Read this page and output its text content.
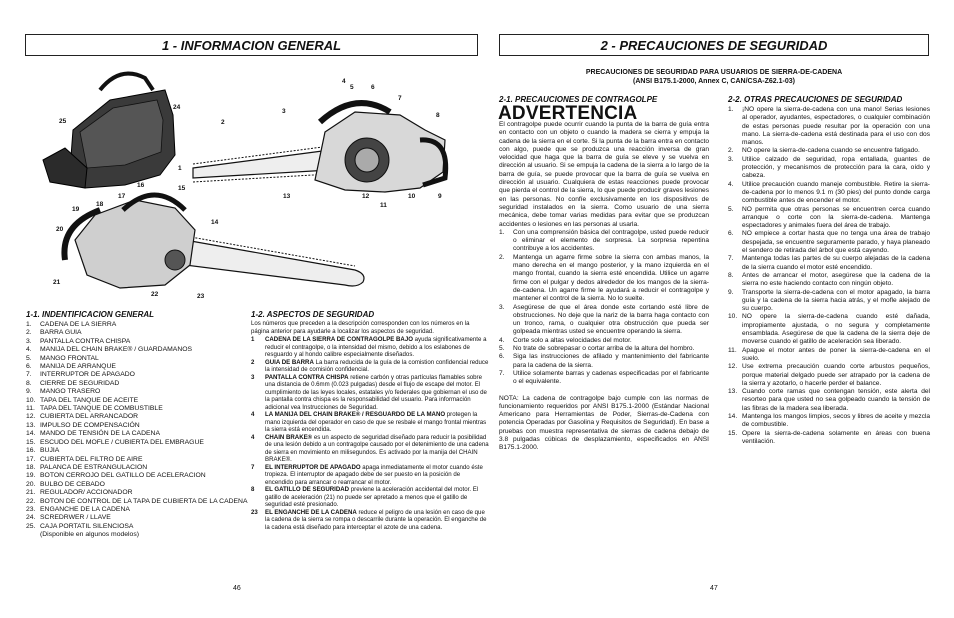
1 - INFORMACION GENERAL
25
24
1
2
3
4
5	6
7
8
9
10
11
12
13
14
15
16
17
18
19
20
21
22	23
1-1. INDENTIFICACION GENERAL
1.	CADENA DE LA SIERRA
2.	BARRA GUIA
3.	PANTALLA CONTRA CHISPA
4.	MANIJA DEL CHAIN BRAKE® / GUARDAMANOS
5.	MANGO FRONTAL
6.	MANIJA DE ARRANQUE
7.	INTERRUPTOR DE APAGADO
8.	CIERRE DE SEGURIDAD
9.	MANGO TRASERO
10. TAPA DEL TANQUE DE ACEITE
11. TAPA DEL TANQUE DE COMBUSTIBLE
12. CUBIERTA DEL ARRANCADOR
13. IMPULSO DE COMPENSACIÓN
14. MANDO DE TENSIÓN DE LA CADENA
15. ESCUDO DEL MOFLE / CUBIERTA DEL EMBRAGUE
16. BUJIA
17. CUBIERTA DEL FILTRO DE AIRE
18. PALANCA DE ESTRANGULACION
19. BOTON CERROJO DEL GATILLO DE ACELERACION
20. BULBO DE CEBADO
21. REGULADOR/ ACCIONADOR
22. BOTON DE CONTROL DE LA TAPA DE CUBIERTA DE LA CADENA
23. ENGANCHE DE LA CADENA
24. SCREDRWER / LLAVE
25. CAJA PORTATIL SILENCIOSA
(Disponible en algunos modelos)
1-2. ASPECTOS DE SEGURIDAD

Los números que preceden a la descripción corresponden con los números en la página anterior para ayudarle a localizar los aspectos de seguridad.

1	CADENA DE LA SIERRA DE CONTRAGOLPE BAJO ayuda significativamente a reducir el contragolpe, o la intensidad del mismo, debido a los eslabones de resguardo y al hondo calibre especialmente diseñados.
2	GUIA DE BARRA La barra reducida de la guía de la comistion confidencial reduce la intensidad de comisión confidencial.
3	PANTALLA CONTRA CHISPA retiene carbón y otras partículas flamables sobre una distancia de 0.6mm (0.023 pulgadas) desde el flujo de escape del motor. El cumplimiento de las leyes locales, estatales y/o federales que gobiernan el uso de la pantalla contra chispa es la responsabilidad del usuario. Para información adicional vea Instrucciones de Seguridad.
4	LA MANIJA DEL CHAIN BRAKE® / RESGUARDO DE LA MANO protegen la mano izquierda del operador en caso de que se resbale el mango frontal mientras la sierra está encendida.
4	CHAIN BRAKE® es un aspecto de seguridad diseñado para reducir la posibilidad de una lesión debido a un contragolpe causado por el detenimiento de una cadena de sierra en movimiento en milisegundos. Es activado por la manija del CHAIN BRAKE®.
7	EL INTERRUPTOR DE APAGADO apaga inmediatamente el motor cuando éste tropieza. El interruptor de apagado debe de ser puesto en la posición de encendido para arrancar o rearrancar el motor.
8	EL GATILLO DE SEGURIDAD previene la aceleración accidental del motor. El gatillo de aceleración (21) no puede ser apretado a menos que el gatillo de seguridad esté presionado.
23	EL ENGANCHE DE LA CADENA reduce el peligro de una lesión en caso de que la cadena de la sierra se rompa o descarrile durante la operación. El enganche de la cadena está diseñado para interceptar el azote de una cadena.
46
2 - PRECAUCIONES DE SEGURIDAD
PRECAUCIONES DE SEGURIDAD PARA USUARIOS DE SIERRA-DE-CADENA
(ANSI B175.1-2000, Annex C, CAN/CSA-Z62.1-03)
2-1. PRECAUCIONES DE CONTRAGOLPE
ADVERTENCIA

El contragolpe puede ocurrir cuando la punta de la barra de guía entra en contacto con un objeto o cuando la madera se cierra y empuja la cadena de la sierra en el corte. Si la punta de la barra entra en contacto con algo, puede que se produzca una reacción inversa de gran velocidad que haga que la barra de guía se eleve y se vuelva en dirección al usuario. Si se empuja la cadena de la sierra a lo largo de la barra de guía, se puede provocar que la barra de guía se vuelva en dirección al usuario. Cualquiera de estas reacciones puede provocar que pierda el control de la sierra, lo que puede producir graves lesiones en las personas. No confíe exclusivamente en los dispositivos de seguridad instalados en la sierra. Como usuario de una sierra mecánica, debe tomar varias medidas para evitar que se produzcan accidentes o lesiones en las personas al usarla.

1.	Con una comprensión básica del contragolpe, usted puede reducir o eliminar el elemento de sorpresa. La sorpresa repentina contribuye a los accidentes.
2.	Mantenga un agarre firme sobre la sierra con ambas manos, la mano derecha en el mango posterior, y la mano izquierda en el mango frontal, cuando la sierra esté encendida. Utilice un agarre firme con el pulgar y dedos alrededor de los mangos de la sierra-de-cadena. Un agarre firme le ayudará a reducir el contragolpe y mantener el control de la sierra. No lo suelte.
3.	Asegúrese de que el área donde este cortando esté libre de obstrucciones. No deje que la nariz de la barra haga contacto con un tronco, rama, o cualquier otra obstrucción que pueda ser golpeada mientras usted se encuentre operando la sierra.
4.	Corte solo a altas velocidades del motor.
5.	No trate de sobrepasar o cortar arriba de la altura del hombro.
6.	Siga las instrucciones de afilado y mantenimiento del fabricante para la cadena de la sierra.
7.	Utilice solamente barras y cadenas especificadas por el fabricante o el equivalente.

NOTA: La cadena de contragolpe bajo cumple con las normas de funcionamiento requeridos por ANSI B175.1-2000 (Estándar Nacional Americano para Herramientas de Poder, Sierras-de-Cadena con potencia Operadas por Gasolina y Requisitos de Seguridad). En base a pruebas con muestra representativa de sierras de cadena debajo de 3.8 pulgadas cúbicas de desplazamiento, especificados en ANSI B175.1-2000.

2-2. OTRAS PRECAUCIONES DE SEGURIDAD
1.	¡NO opere la sierra-de-cadena con una mano! Serias lesiones al operador, ayudantes, espectadores, o cualquier combinación de estas personas puede resultar por la operación con una mano. La sierra-de-cadena está destinada para el uso con dos manos.
2.	NO opere la sierra-de-cadena cuando se encuentre fatigado.
3.	Utilice calzado de seguridad, ropa entallada, guantes de protección, y mecanismos de protección para la cara, oído y cabeza.
4.	Utilice precaución cuando maneje combustible. Retire la sierra-de-cadena por lo menos 9.1 m (30 pies) del punto donde carga combustible antes de encender el motor.
5.	NO permita que otras personas se encuentren cerca cuando arranque o corte con la sierra-de-cadena. Mantenga espectadores y animales fuera del área de trabajo.
6.	NO empiece a cortar hasta que no tenga una área de trabajo despejada, se encuentre seguramente parado, y haya planeado el sendero de retirada del árbol que está cayendo.
7.	Mantenga todas las partes de su cuerpo alejadas de la cadena de la sierra cuando el motor esté encendido.
8.	Antes de arrancar el motor, asegúrese que la cadena de la sierra no este haciendo contacto con ningún objeto.
9.	Transporte la sierra-de-cadena con el motor apagado, la barra guía y la cadena de la sierra hacia atrás, y el mofle alejado de su cuerpo.
10. NO opere la sierra-de-cadena cuando esté dañada, impropiamente ajustada, o no segura y completamente ensamblada. Asegúrese de que la cadena de la sierra deje de moverse cuando el gatillo de aceleración sea liberado.
11. Apague el motor antes de poner la sierra-de-cadena en el suelo.
12. Use extrema precaución cuando corte arbustos pequeños, porque material delgado puede ser atrapado por la cadena de la sierra y azotarlo, o hacerle perder el balance.
13. Cuando corte ramas que contengan tensión, este alerta del resorteo para que usted no sea golpeado cuando la tensión de las fibras de la madera sea liberada.
14. Mantenga los mangos limpios, secos y libres de aceite y mezcla de combustible.
15. Opere la sierra-de-cadena solamente en áreas con buena ventilación.
47
